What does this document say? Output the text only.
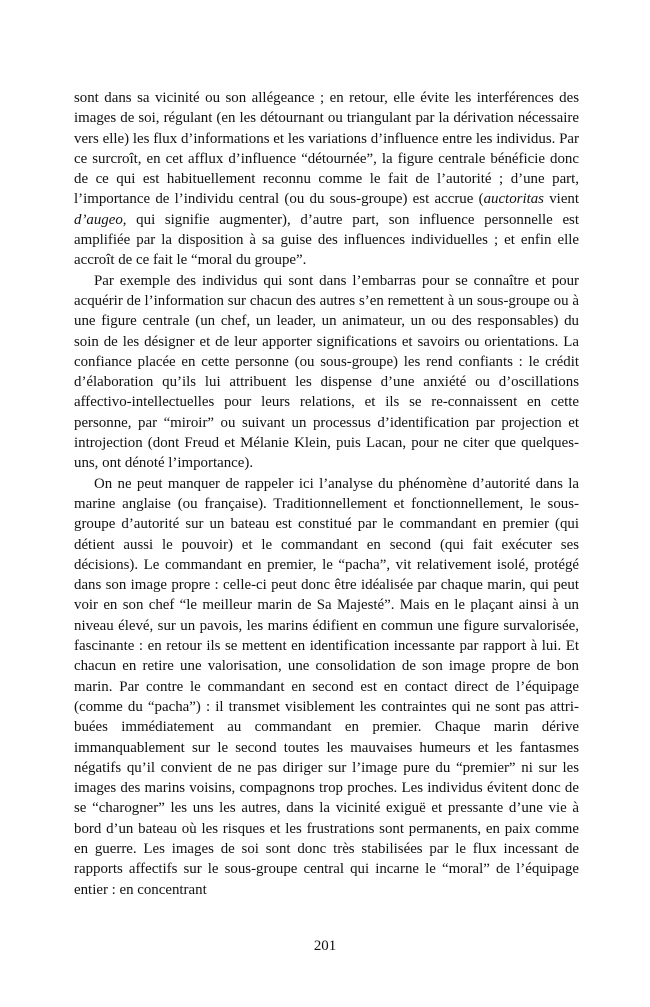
sont dans sa vicinité ou son allégeance ; en retour, elle évite les interférences des images de soi, régulant (en les détournant ou triangulant par la dérivation nécessaire vers elle) les flux d’informations et les variations d’influence entre les individus. Par ce surcroît, en cet afflux d’influence “détournée”, la figure centrale bénéficie donc de ce qui est habituellement reconnu comme le fait de l’autorité ; d’une part, l’importance de l’individu central (ou du sous-groupe) est accrue (auctoritas vient d’augeo, qui signifie augmenter), d’autre part, son influence personnelle est amplifiée par la disposition à sa guise des influences individuelles ; et enfin elle accroît de ce fait le “moral du groupe”.

Par exemple des individus qui sont dans l’embarras pour se connaître et pour acquérir de l’information sur chacun des autres s’en remettent à un sous-groupe ou à une figure centrale (un chef, un leader, un animateur, un ou des responsables) du soin de les désigner et de leur apporter significations et savoirs ou orientations. La confiance placée en cette personne (ou sous-groupe) les rend confiants : le crédit d’élaboration qu’ils lui attribuent les dispense d’une anxiété ou d’oscillations affectivo-intellectuelles pour leurs relations, et ils se re-connaissent en cette personne, par “miroir” ou suivant un processus d’identification par projection et introjection (dont Freud et Mélanie Klein, puis Lacan, pour ne citer que quelques-uns, ont dénoté l’importance).

On ne peut manquer de rappeler ici l’analyse du phénomène d’autorité dans la marine anglaise (ou française). Traditionnellement et fonctionnellement, le sous-groupe d’autorité sur un bateau est constitué par le commandant en premier (qui détient aussi le pouvoir) et le commandant en second (qui fait exécuter ses décisions). Le commandant en premier, le “pacha”, vit relativement isolé, protégé dans son image propre : celle-ci peut donc être idéalisée par chaque marin, qui peut voir en son chef “le meilleur marin de Sa Majesté”. Mais en le plaçant ainsi à un niveau élevé, sur un pavois, les marins édifient en commun une figure survalorisée, fascinante : en retour ils se mettent en identification incessante par rapport à lui. Et chacun en retire une valorisation, une consolidation de son image propre de bon marin. Par contre le commandant en second est en contact direct de l’équipage (comme du “pacha”) : il transmet visiblement les contraintes qui ne sont pas attribuées immédiatement au commandant en premier. Chaque marin dérive immanquablement sur le second toutes les mauvaises humeurs et les fantasmes négatifs qu’il convient de ne pas diriger sur l’image pure du “premier” ni sur les images des marins voisins, compagnons trop proches. Les individus évitent donc de se “charogner” les uns les autres, dans la vicinité exiguë et pressante d’une vie à bord d’un bateau où les risques et les frustrations sont permanents, en paix comme en guerre. Les images de soi sont donc très stabilisées par le flux incessant de rapports affectifs sur le sous-groupe central qui incarne le “moral” de l’équipage entier : en concentrant

201
